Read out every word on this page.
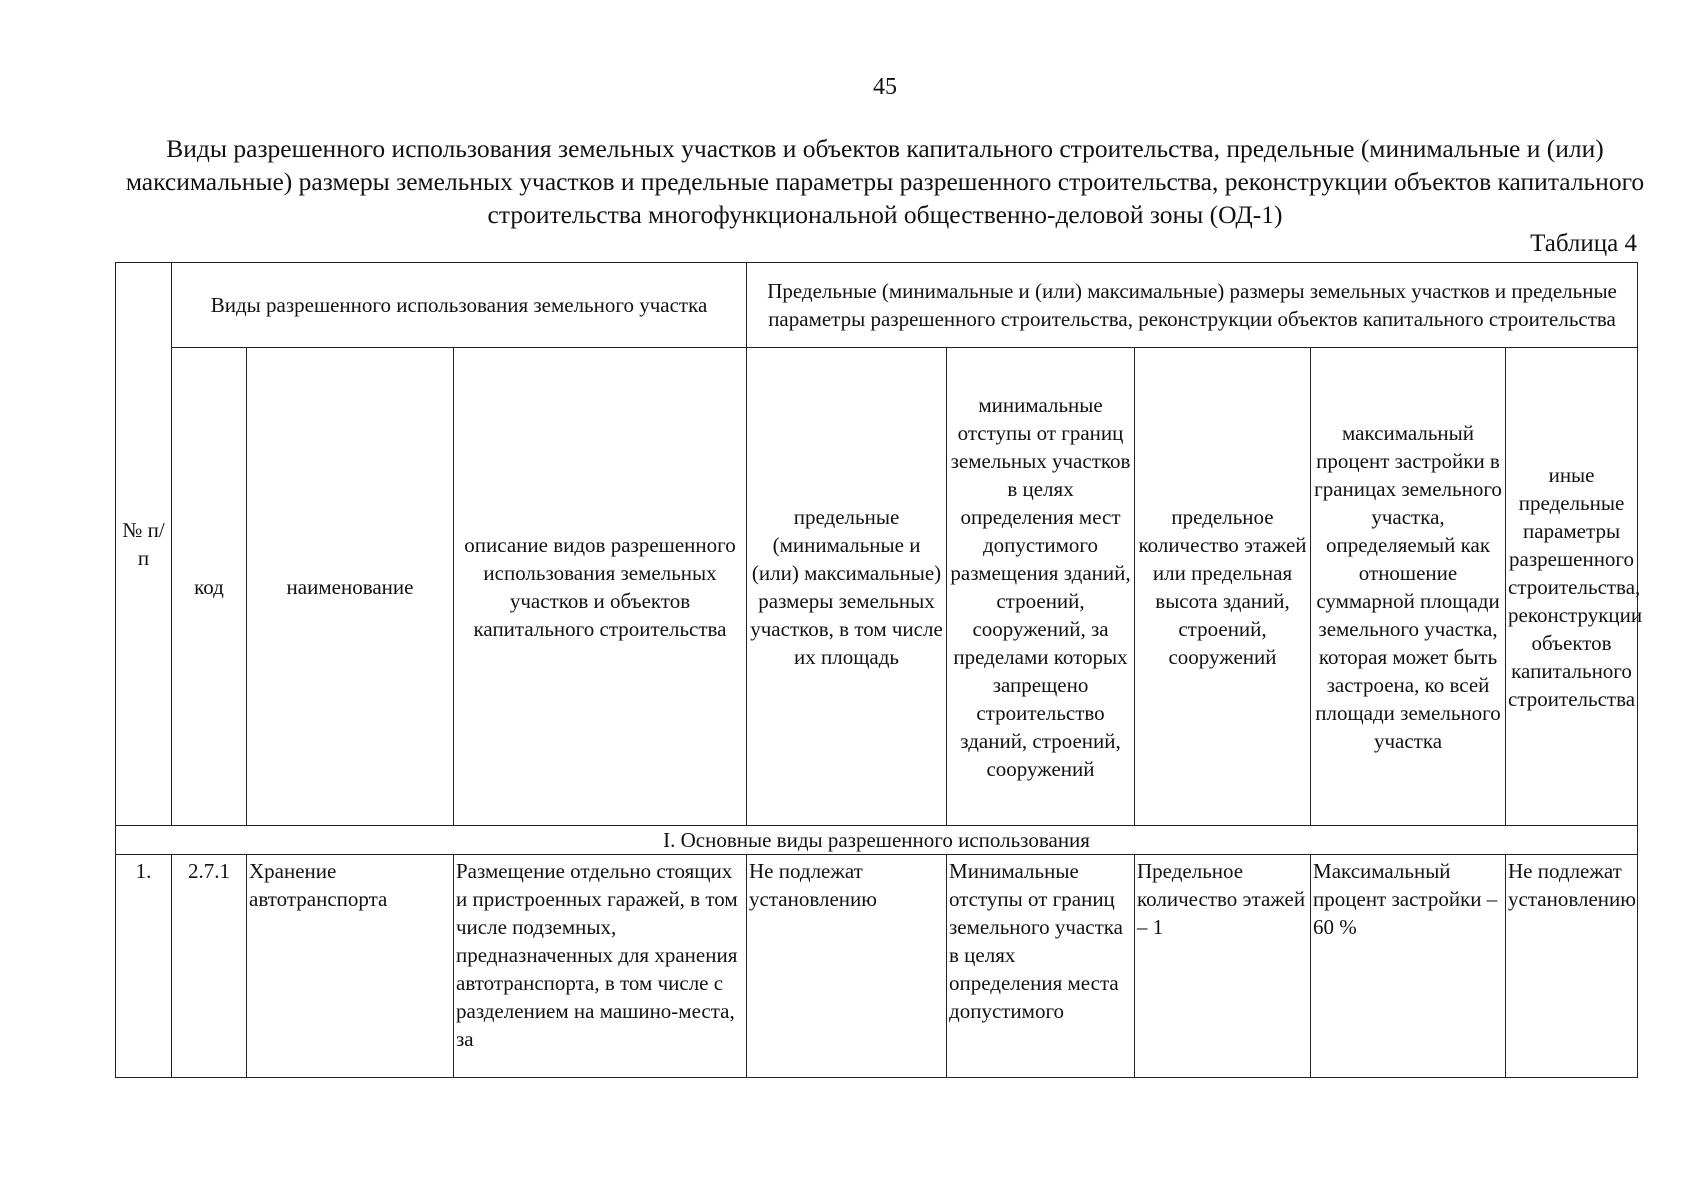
45
Виды разрешенного использования земельных участков и объектов капитального строительства, предельные (минимальные и (или) максимальные) размеры земельных участков и предельные параметры разрешенного строительства, реконструкции объектов капитального строительства многофункциональной общественно-деловой зоны (ОД-1)
Таблица 4
№ п/п	Виды разрешенного использования земельного участка			Предельные (минимальные и (или) максимальные) размеры земельных участков и предельные параметры разрешенного строительства, реконструкции объектов капитального строительства				
	код	наименование	описание видов разрешенного использования земельных участков и объектов капитального строительства	предельные (минимальные и (или) максимальные) размеры земельных участков, в том числе их площадь	минимальные отступы от границ земельных участков в целях определения мест допустимого размещения зданий, строений, сооружений, за пределами которых запрещено строительство зданий, строений, сооружений	предельное количество этажей или предельная высота зданий, строений, сооружений	максимальный процент застройки в границах земельного участка, определяемый как отношение суммарной площади земельного участка, которая может быть застроена, ко всей площади земельного участка	иные предельные параметры разрешенного строительства, реконструкции объектов капитального строительства
I. Основные виды разрешенного использования								
1.	2.7.1	Хранение автотранспорта	Размещение отдельно стоящих и пристроенных гаражей, в том числе подземных, предназначенных для хранения автотранспорта, в том числе с разделением на машино-места, за	Не подлежат установлению	Минимальные отступы от границ земельного участка в целях определения места допустимого	Предельное количество этажей – 1	Максимальный процент застройки – 60 %	Не подлежат установлению
